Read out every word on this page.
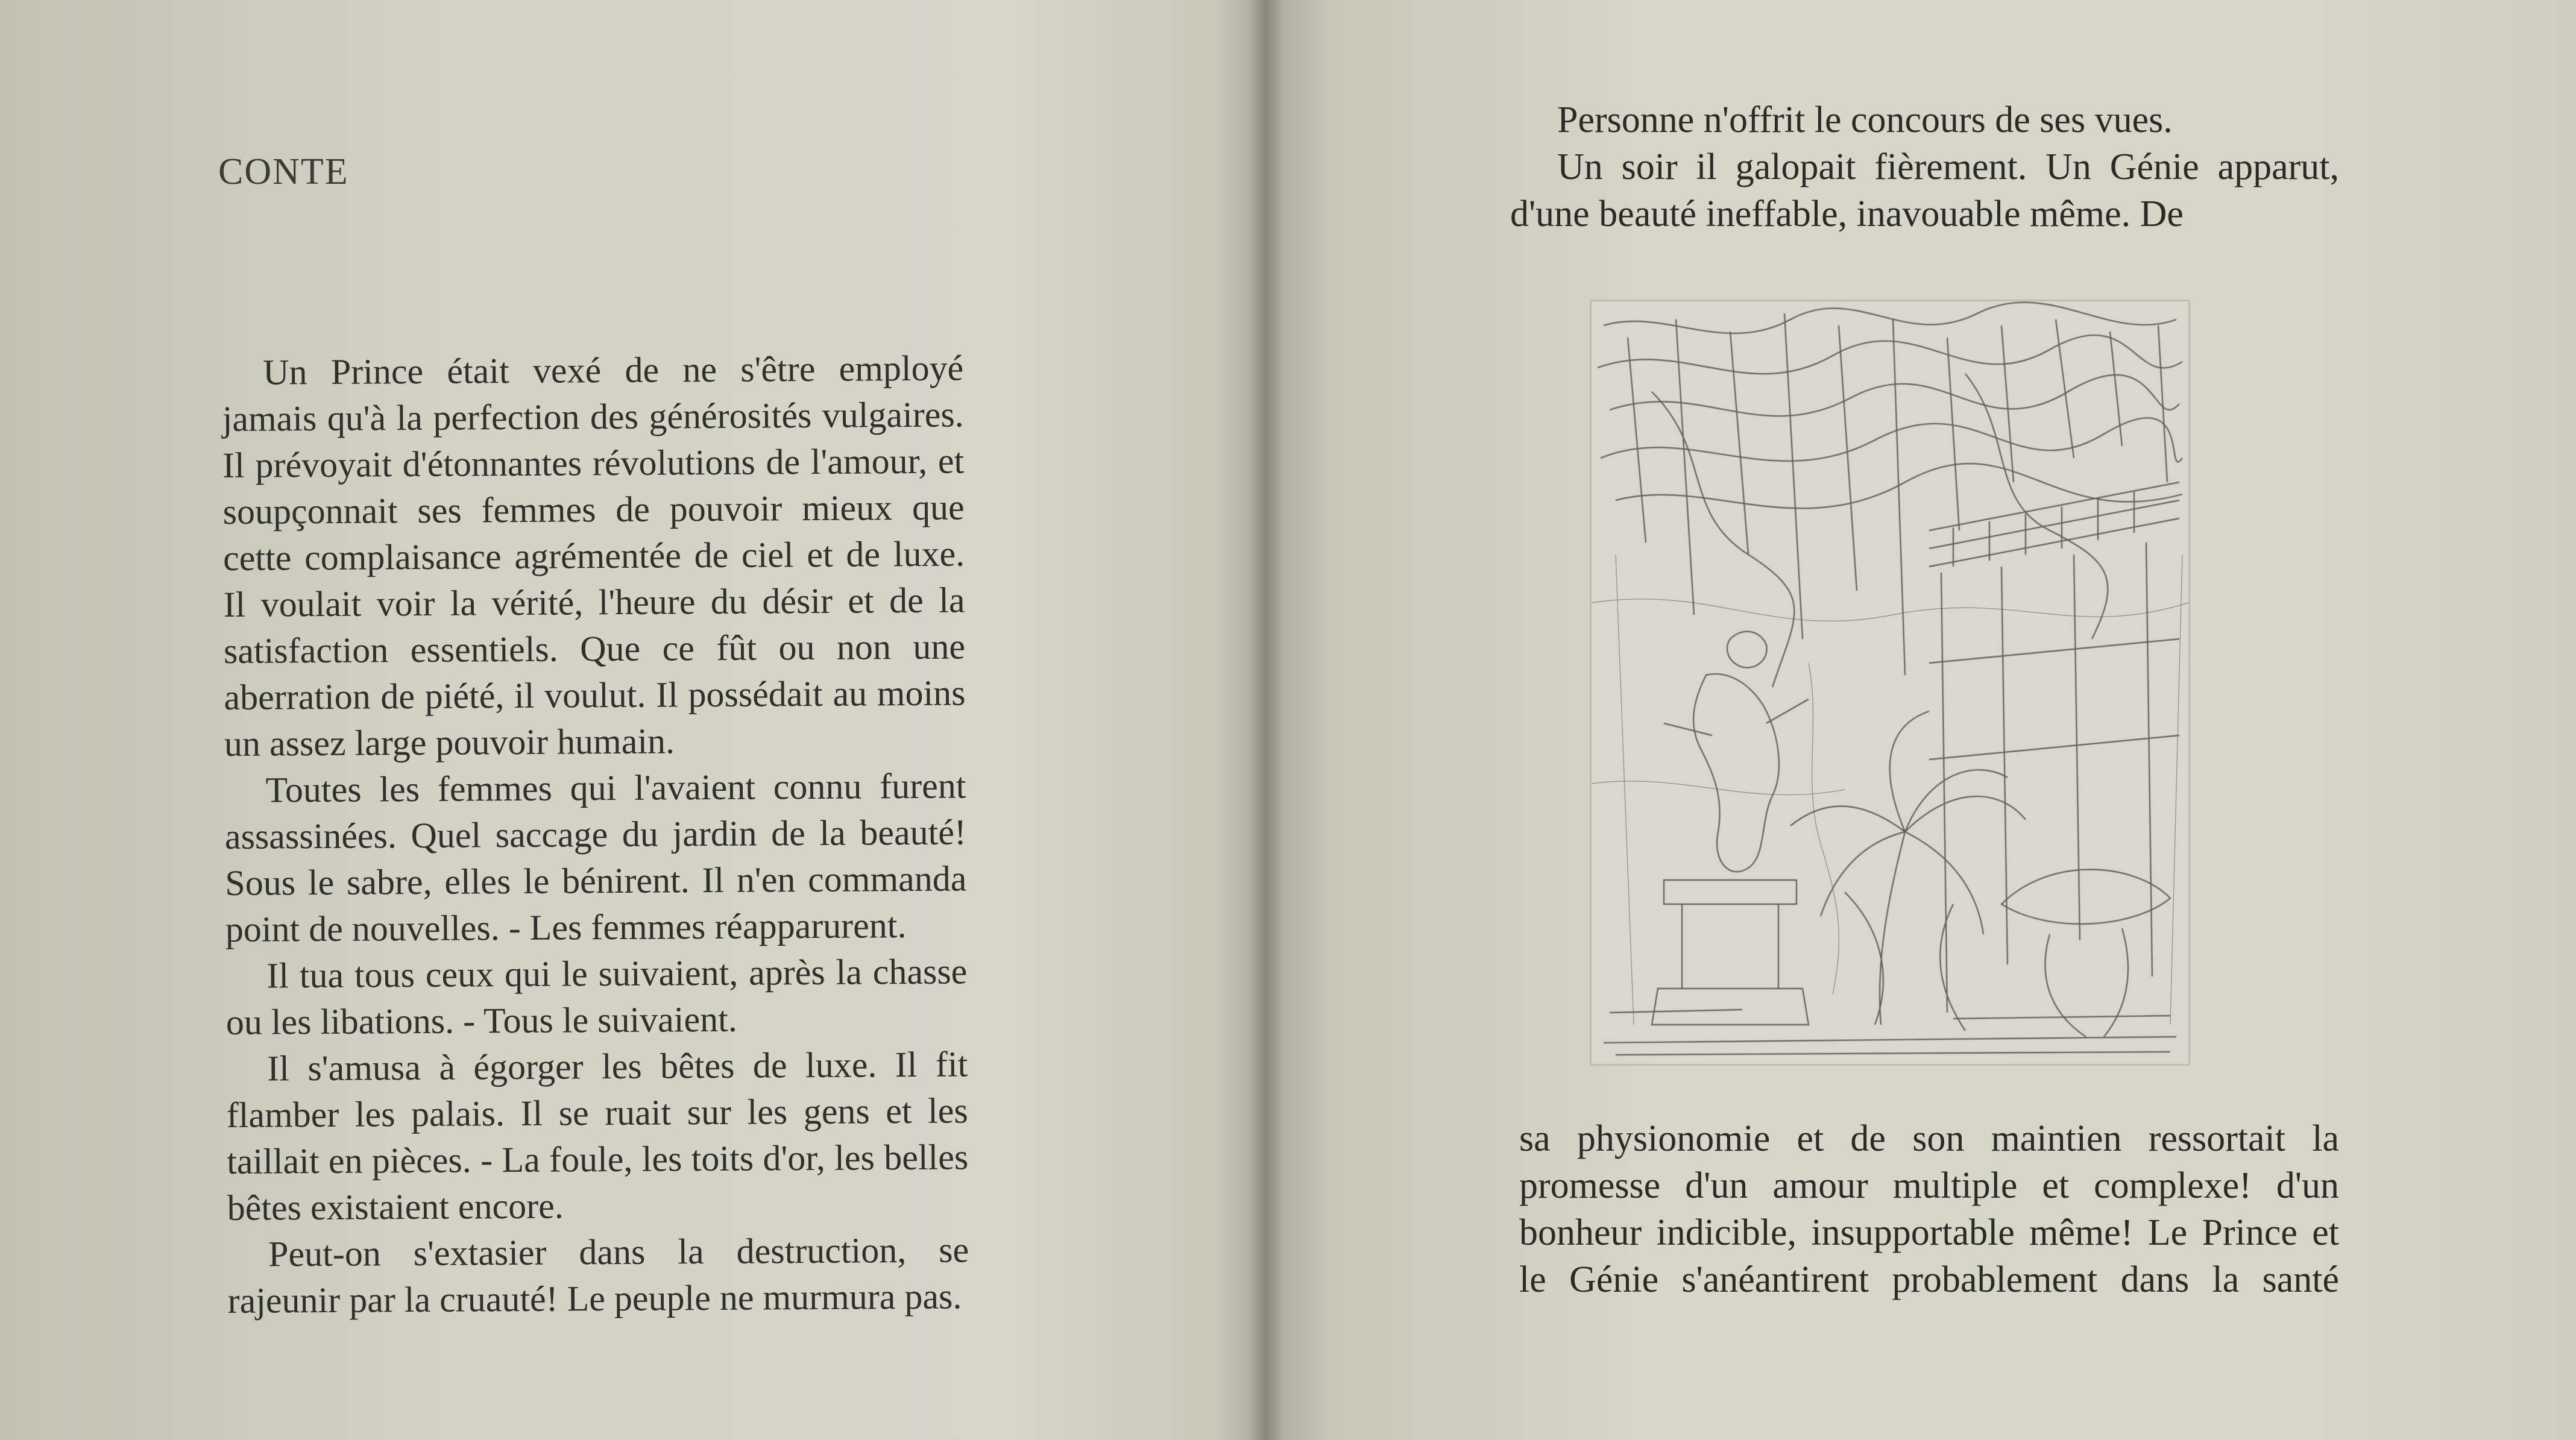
CONTE

Un Prince était vexé de ne s'être employé jamais qu'à la perfection des générosités vulgaires. Il prévoyait d'étonnantes révolutions de l'amour, et soupçonnait ses femmes de pouvoir mieux que cette complaisance agrémentée de ciel et de luxe. Il voulait voir la vérité, l'heure du désir et de la satisfaction essentiels. Que ce fût ou non une aberration de piété, il voulut. Il possédait au moins un assez large pouvoir humain.

Toutes les femmes qui l'avaient connu furent assassinées. Quel saccage du jardin de la beauté! Sous le sabre, elles le bénirent. Il n'en commanda point de nouvelles. - Les femmes réapparurent.

Il tua tous ceux qui le suivaient, après la chasse ou les libations. - Tous le suivaient.

Il s'amusa à égorger les bêtes de luxe. Il fit flamber les palais. Il se ruait sur les gens et les taillait en pièces. - La foule, les toits d'or, les belles bêtes existaient encore.

Peut-on s'extasier dans la destruction, se rajeunir par la cruauté! Le peuple ne murmura pas.

Personne n'offrit le concours de ses vues.

Un soir il galopait fièrement. Un Génie apparut, d'une beauté ineffable, inavouable même. De

sa physionomie et de son maintien ressortait la promesse d'un amour multiple et complexe! d'un bonheur indicible, insupportable même! Le Prince et le Génie s'anéantirent probablement dans la santé
